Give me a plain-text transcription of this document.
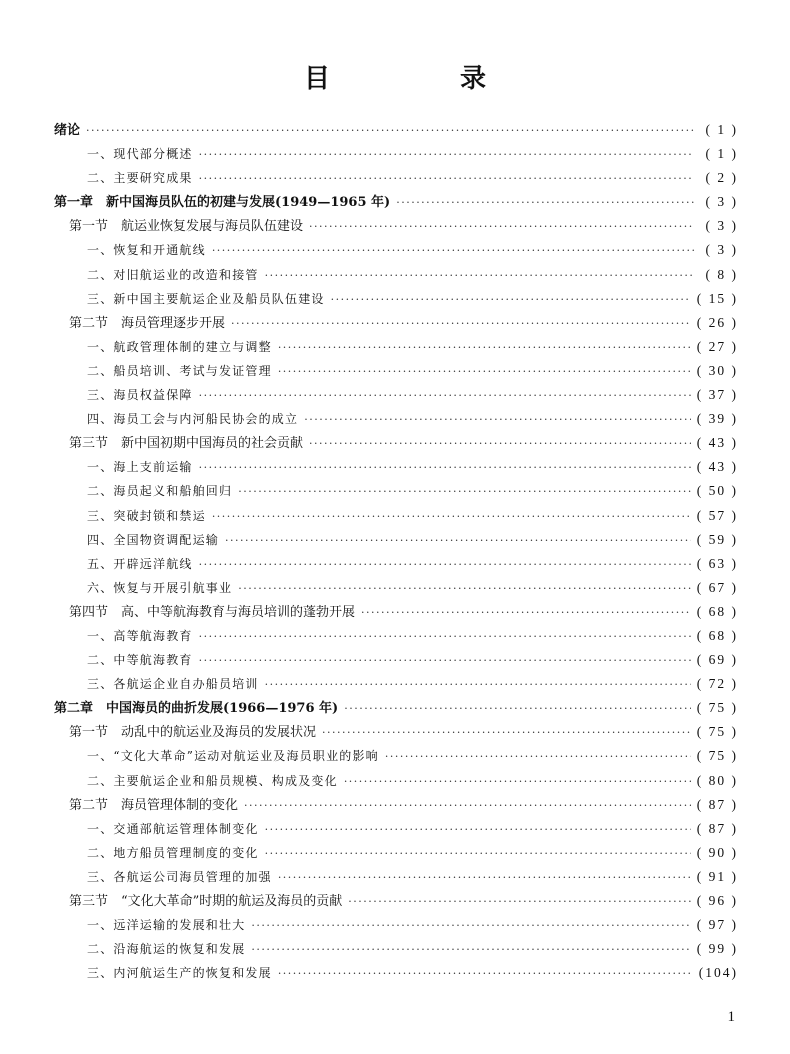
目　录
绪论 ·····	( 1 )
一、现代部分概述 ·····	( 1 )
二、主要研究成果 ·····	( 2 )
第一章　新中国海员队伍的初建与发展(1949—1965 年) ·····	( 3 )
第一节　航运业恢复发展与海员队伍建设 ·····	( 3 )
一、恢复和开通航线 ·····	( 3 )
二、对旧航运业的改造和接管 ·····	( 8 )
三、新中国主要航运企业及船员队伍建设 ·····	( 15 )
第二节　海员管理逐步开展 ·····	( 26 )
一、航政管理体制的建立与调整 ·····	( 27 )
二、船员培训、考试与发证管理 ·····	( 30 )
三、海员权益保障 ·····	( 37 )
四、海员工会与内河船民协会的成立 ·····	( 39 )
第三节　新中国初期中国海员的社会贡献 ·····	( 43 )
一、海上支前运输 ·····	( 43 )
二、海员起义和船舶回归 ·····	( 50 )
三、突破封锁和禁运 ·····	( 57 )
四、全国物资调配运输 ·····	( 59 )
五、开辟远洋航线 ·····	( 63 )
六、恢复与开展引航事业 ·····	( 67 )
第四节　高、中等航海教育与海员培训的蓬勃开展 ·····	( 68 )
一、高等航海教育 ·····	( 68 )
二、中等航海教育 ·····	( 69 )
三、各航运企业自办船员培训 ·····	( 72 )
第二章　中国海员的曲折发展(1966—1976 年) ·····	( 75 )
第一节　动乱中的航运业及海员的发展状况 ·····	( 75 )
一、“文化大革命”运动对航运业及海员职业的影响 ·····	( 75 )
二、主要航运企业和船员规模、构成及变化 ·····	( 80 )
第二节　海员管理体制的变化 ·····	( 87 )
一、交通部航运管理体制变化 ·····	( 87 )
二、地方船员管理制度的变化 ·····	( 90 )
三、各航运公司海员管理的加强 ·····	( 91 )
第三节　“文化大革命”时期的航运及海员的贡献 ·····	( 96 )
一、远洋运输的发展和壮大 ·····	( 97 )
二、沿海航运的恢复和发展 ·····	( 99 )
三、内河航运生产的恢复和发展 ·····	(104)
1
